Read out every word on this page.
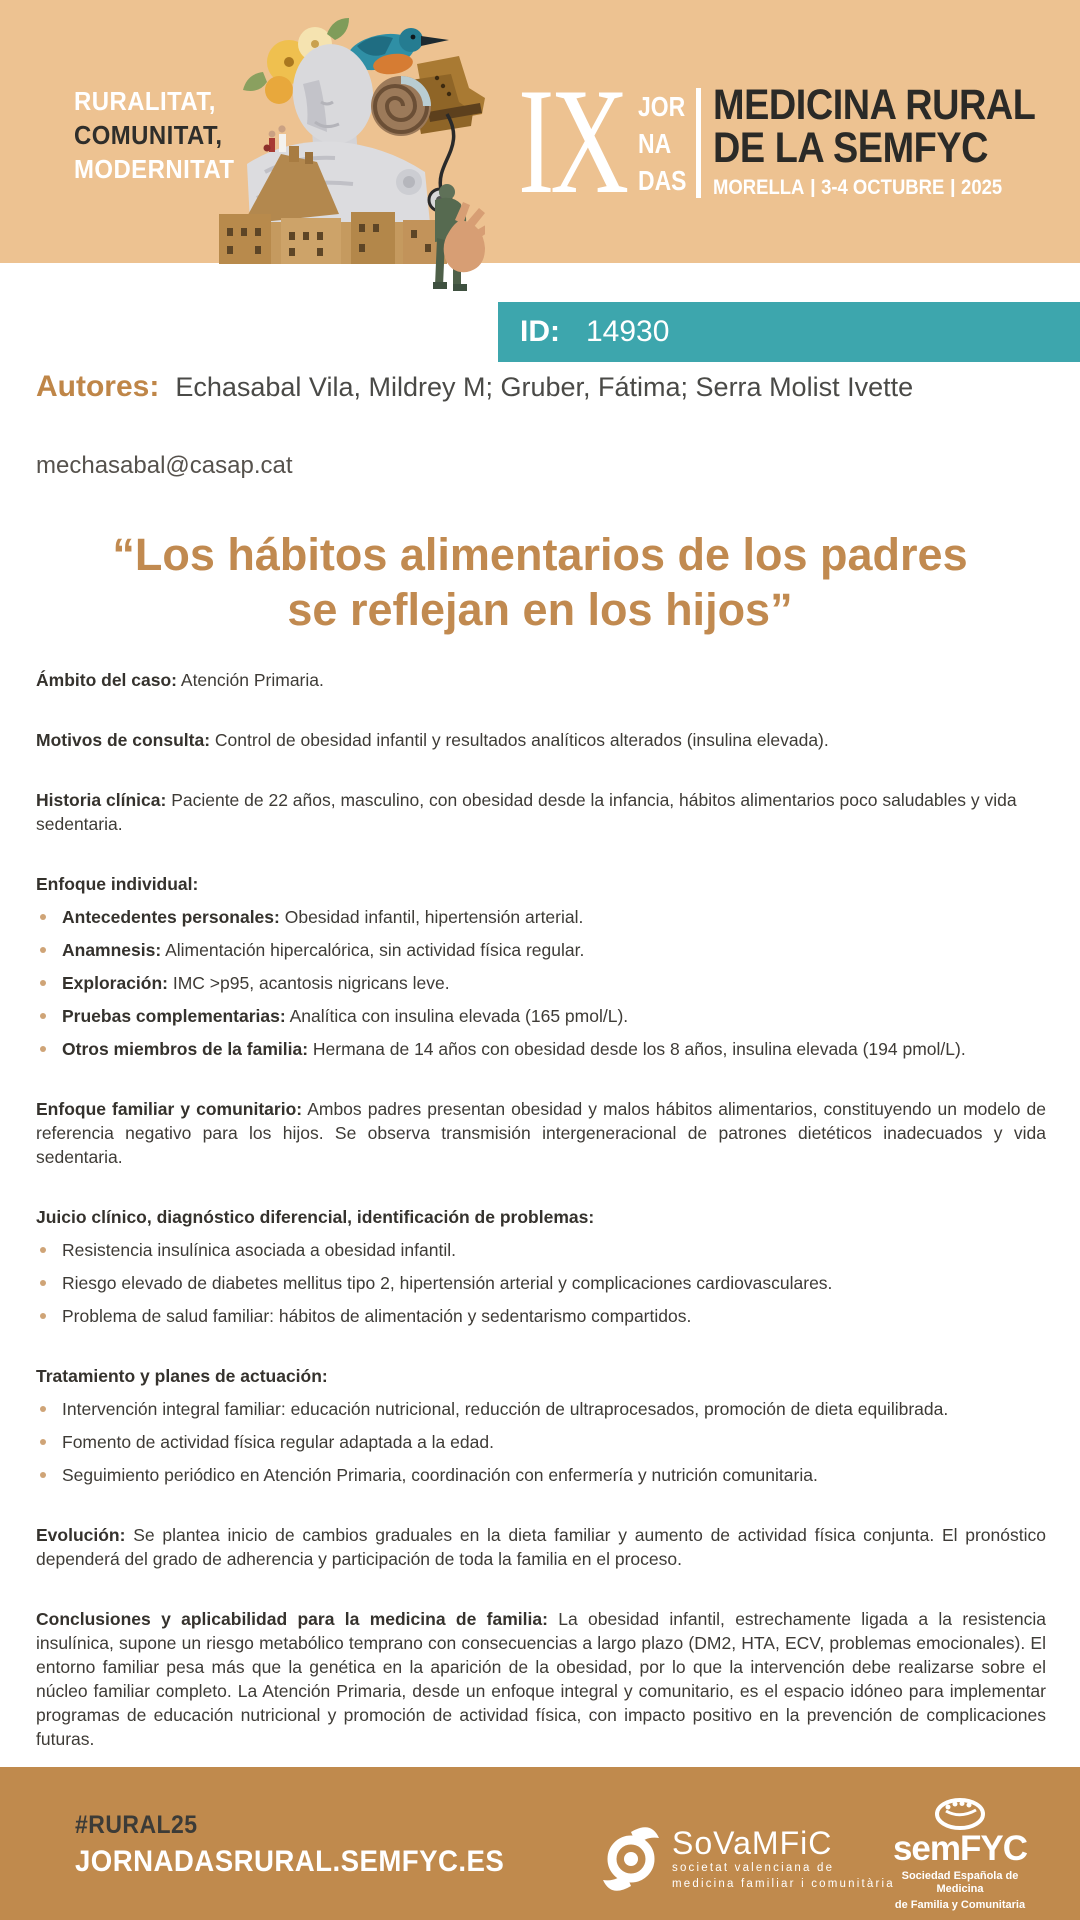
RURALITAT,
COMUNITAT,
MODERNITAT IX JOR
NA
DAS
MEDICINA RURAL
DE LA SEMFYC
MORELLA 3-4 OCTUBRE 2025
ID: 14930
Autores: Echasabal Vila, Mildrey M; Gruber, Fátima; Serra Molist Ivette
mechasabal@casap.cat
“Los hábitos alimentarios de los padres
se reflejan en los hijos”

Ámbito del caso: Atención Primaria.

Motivos de consulta: Control de obesidad infantil y resultados analíticos alterados (insulina elevada).

Historia clínica: Paciente de 22 años, masculino, con obesidad desde la infancia, hábitos alimentarios poco saludables y vida sedentaria.

Enfoque individual:

Antecedentes personales: Obesidad infantil, hipertensión arterial.
Anamnesis: Alimentación hipercalórica, sin actividad física regular.
Exploración: IMC >p95, acantosis nigricans leve.
Pruebas complementarias: Analítica con insulina elevada (165 pmol/L).
Otros miembros de la familia: Hermana de 14 años con obesidad desde los 8 años, insulina elevada (194 pmol/L).

Enfoque familiar y comunitario: Ambos padres presentan obesidad y malos hábitos alimentarios, constituyendo un modelo de referencia negativo para los hijos. Se observa transmisión intergeneracional de patrones dietéticos inadecuados y vida sedentaria.

Juicio clínico, diagnóstico diferencial, identificación de problemas:

Resistencia insulínica asociada a obesidad infantil.
Riesgo elevado de diabetes mellitus tipo 2, hipertensión arterial y complicaciones cardiovasculares.
Problema de salud familiar: hábitos de alimentación y sedentarismo compartidos.

Tratamiento y planes de actuación:

Intervención integral familiar: educación nutricional, reducción de ultraprocesados, promoción de dieta equilibrada.
Fomento de actividad física regular adaptada a la edad.
Seguimiento periódico en Atención Primaria, coordinación con enfermería y nutrición comunitaria.

Evolución: Se plantea inicio de cambios graduales en la dieta familiar y aumento de actividad física conjunta. El pronóstico dependerá del grado de adherencia y participación de toda la familia en el proceso.

Conclusiones y aplicabilidad para la medicina de familia: La obesidad infantil, estrechamente ligada a la resistencia insulínica, supone un riesgo metabólico temprano con consecuencias a largo plazo (DM2, HTA, ECV, problemas emocionales). El entorno familiar pesa más que la genética en la aparición de la obesidad, por lo que la intervención debe realizarse sobre el núcleo familiar completo. La Atención Primaria, desde un enfoque integral y comunitario, es el espacio idóneo para implementar programas de educación nutricional y promoción de actividad física, con impacto positivo en la prevención de complicaciones futuras.

#RURAL25
JORNADASRURAL.SEMFYC.ES
SoVaMFiC
societat valenciana de
medicina familiar i comunitària
semFYC
Sociedad Española de Medicina
de Familia y Comunitaria
